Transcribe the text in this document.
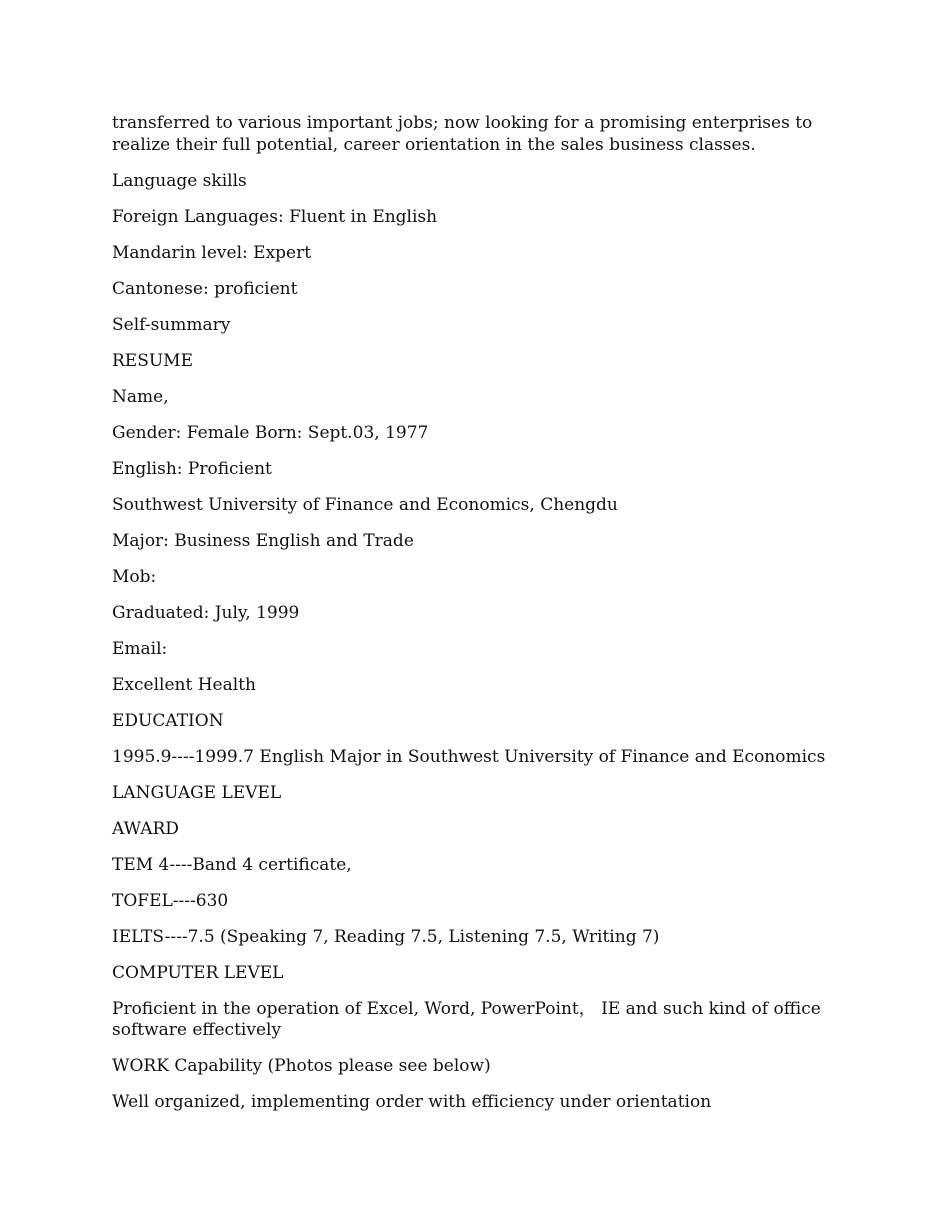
transferred to various important jobs; now looking for a promising enterprises to realize their full potential, career orientation in the sales business classes.

Language skills

Foreign Languages: Fluent in English

Mandarin level: Expert

Cantonese: proficient

Self-summary

RESUME

Name,

Gender: Female Born: Sept.03, 1977

English: Proficient

Southwest University of Finance and Economics, Chengdu

Major: Business English and Trade

Mob:

Graduated: July, 1999

Email:

Excellent Health

EDUCATION

1995.9----1999.7 English Major in Southwest University of Finance and Economics

LANGUAGE LEVEL

AWARD

TEM 4----Band 4 certificate,

TOFEL----630

IELTS----7.5 (Speaking 7, Reading 7.5, Listening 7.5, Writing 7)

COMPUTER LEVEL

Proficient in the operation of Excel, Word, PowerPoint， IE and such kind of office software effectively

WORK Capability (Photos please see below)

Well organized, implementing order with efficiency under orientation
